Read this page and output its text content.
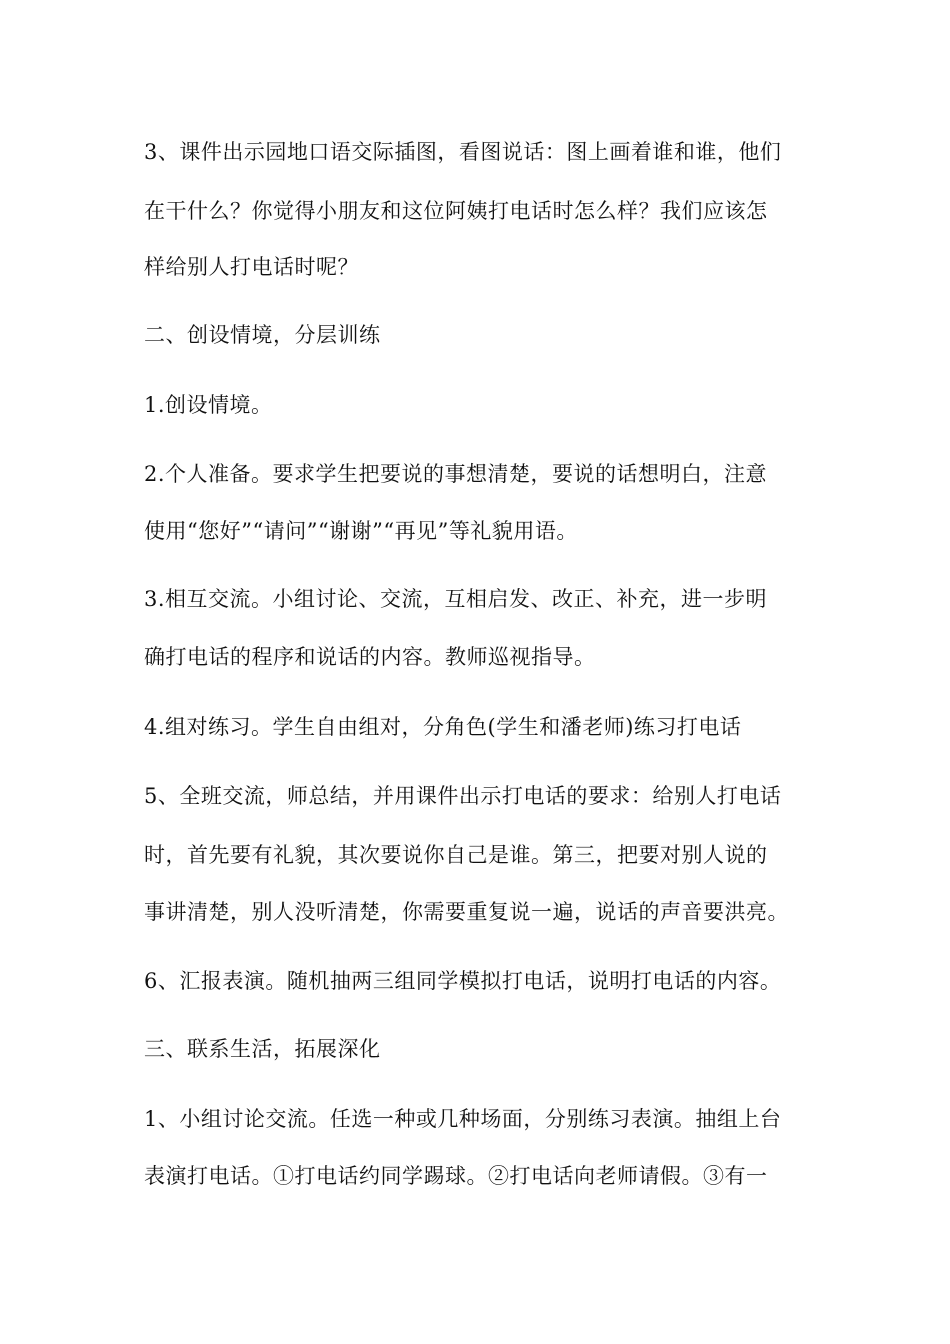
3、课件出示园地口语交际插图，看图说话：图上画着谁和谁，他们

在干什么？你觉得小朋友和这位阿姨打电话时怎么样？我们应该怎

样给别人打电话时呢？

二、创设情境，分层训练

1.创设情境。

2.个人准备。要求学生把要说的事想清楚，要说的话想明白，注意

使用“您好”“请问”“谢谢”“再见”等礼貌用语。

3.相互交流。小组讨论、交流，互相启发、改正、补充，进一步明

确打电话的程序和说话的内容。教师巡视指导。

4.组对练习。学生自由组对，分角色(学生和潘老师)练习打电话

5、全班交流，师总结，并用课件出示打电话的要求：给别人打电话

时，首先要有礼貌，其次要说你自己是谁。第三，把要对别人说的

事讲清楚，别人没听清楚，你需要重复说一遍，说话的声音要洪亮。

6、汇报表演。随机抽两三组同学模拟打电话，说明打电话的内容。

三、联系生活，拓展深化

1、小组讨论交流。任选一种或几种场面，分别练习表演。抽组上台

表演打电话。①打电话约同学踢球。②打电话向老师请假。③有一
